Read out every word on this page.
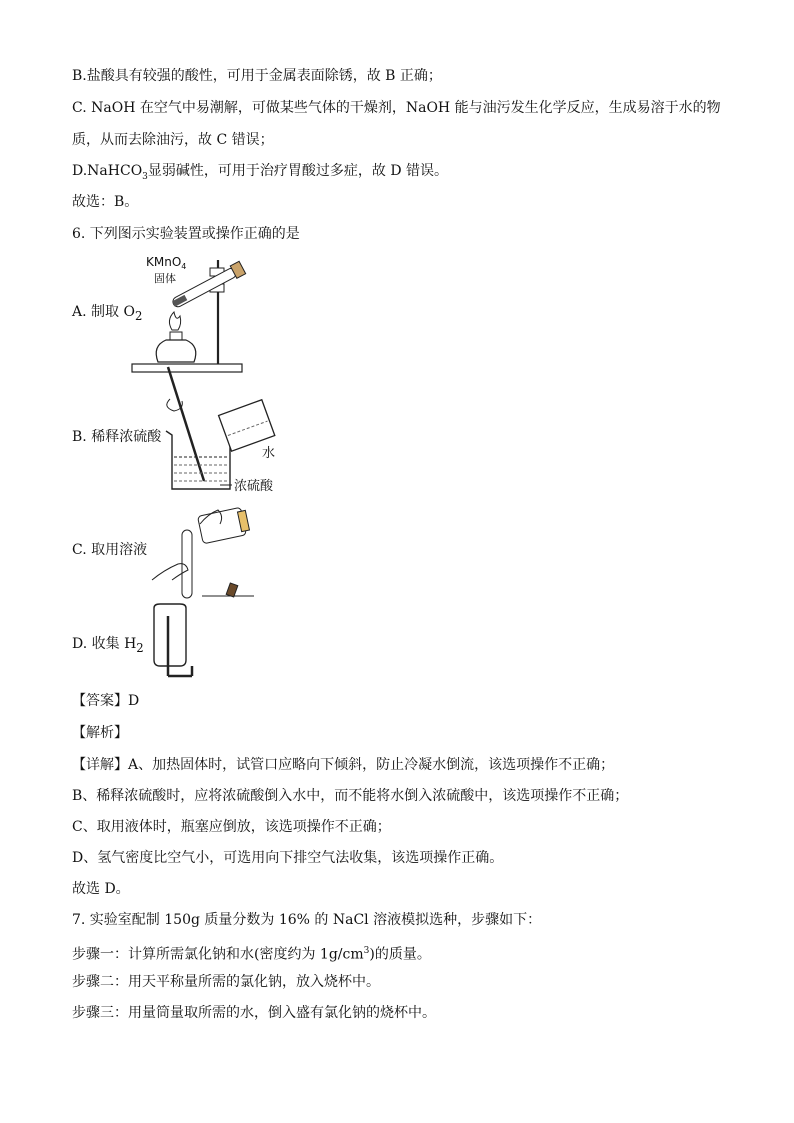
B.盐酸具有较强的酸性，可用于金属表面除锈，故 B 正确；
C. NaOH 在空气中易潮解，可做某些气体的干燥剂，NaOH 能与油污发生化学反应，生成易溶于水的物
质，从而去除油污，故 C 错误；
D.NaHCO$_3$显弱碱性，可用于治疗胃酸过多症，故 D 错误。
故选：B。
6. 下列图示实验装置或操作正确的是
A. 制取 $O_2$
KMnO$_4$
固体
B. 稀释浓硫酸
水
浓硫酸
C. 取用溶液
D. 收集 $H_2$
【答案】D
【解析】
【详解】A、加热固体时，试管口应略向下倾斜，防止冷凝水倒流，该选项操作不正确；
B、稀释浓硫酸时，应将浓硫酸倒入水中，而不能将水倒入浓硫酸中，该选项操作不正确；
C、取用液体时，瓶塞应倒放，该选项操作不正确；
D、氢气密度比空气小，可选用向下排空气法收集，该选项操作正确。
故选 D。
7. 实验室配制 150g 质量分数为 16% 的 NaCl 溶液模拟选种，步骤如下：
步骤一：计算所需氯化钠和水(密度约为 $1g/cm^3$)的质量。
步骤二：用天平称量所需的氯化钠，放入烧杯中。
步骤三：用量筒量取所需的水，倒入盛有氯化钠的烧杯中。
